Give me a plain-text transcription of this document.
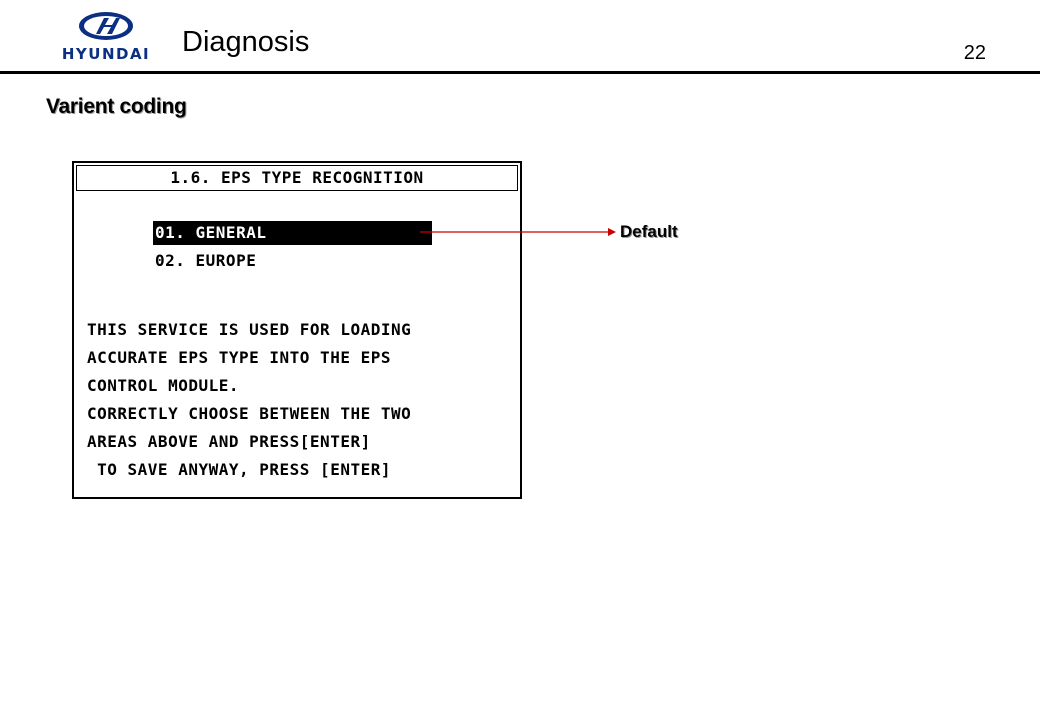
HYUNDAI	Diagnosis	22
Varient coding
1.6. EPS TYPE RECOGNITION
01. GENERAL
02. EUROPE
THIS SERVICE IS USED FOR LOADING
ACCURATE EPS TYPE INTO THE EPS
CONTROL MODULE.
CORRECTLY CHOOSE BETWEEN THE TWO
AREAS ABOVE AND PRESS[ENTER]
TO SAVE ANYWAY, PRESS [ENTER]
Default
